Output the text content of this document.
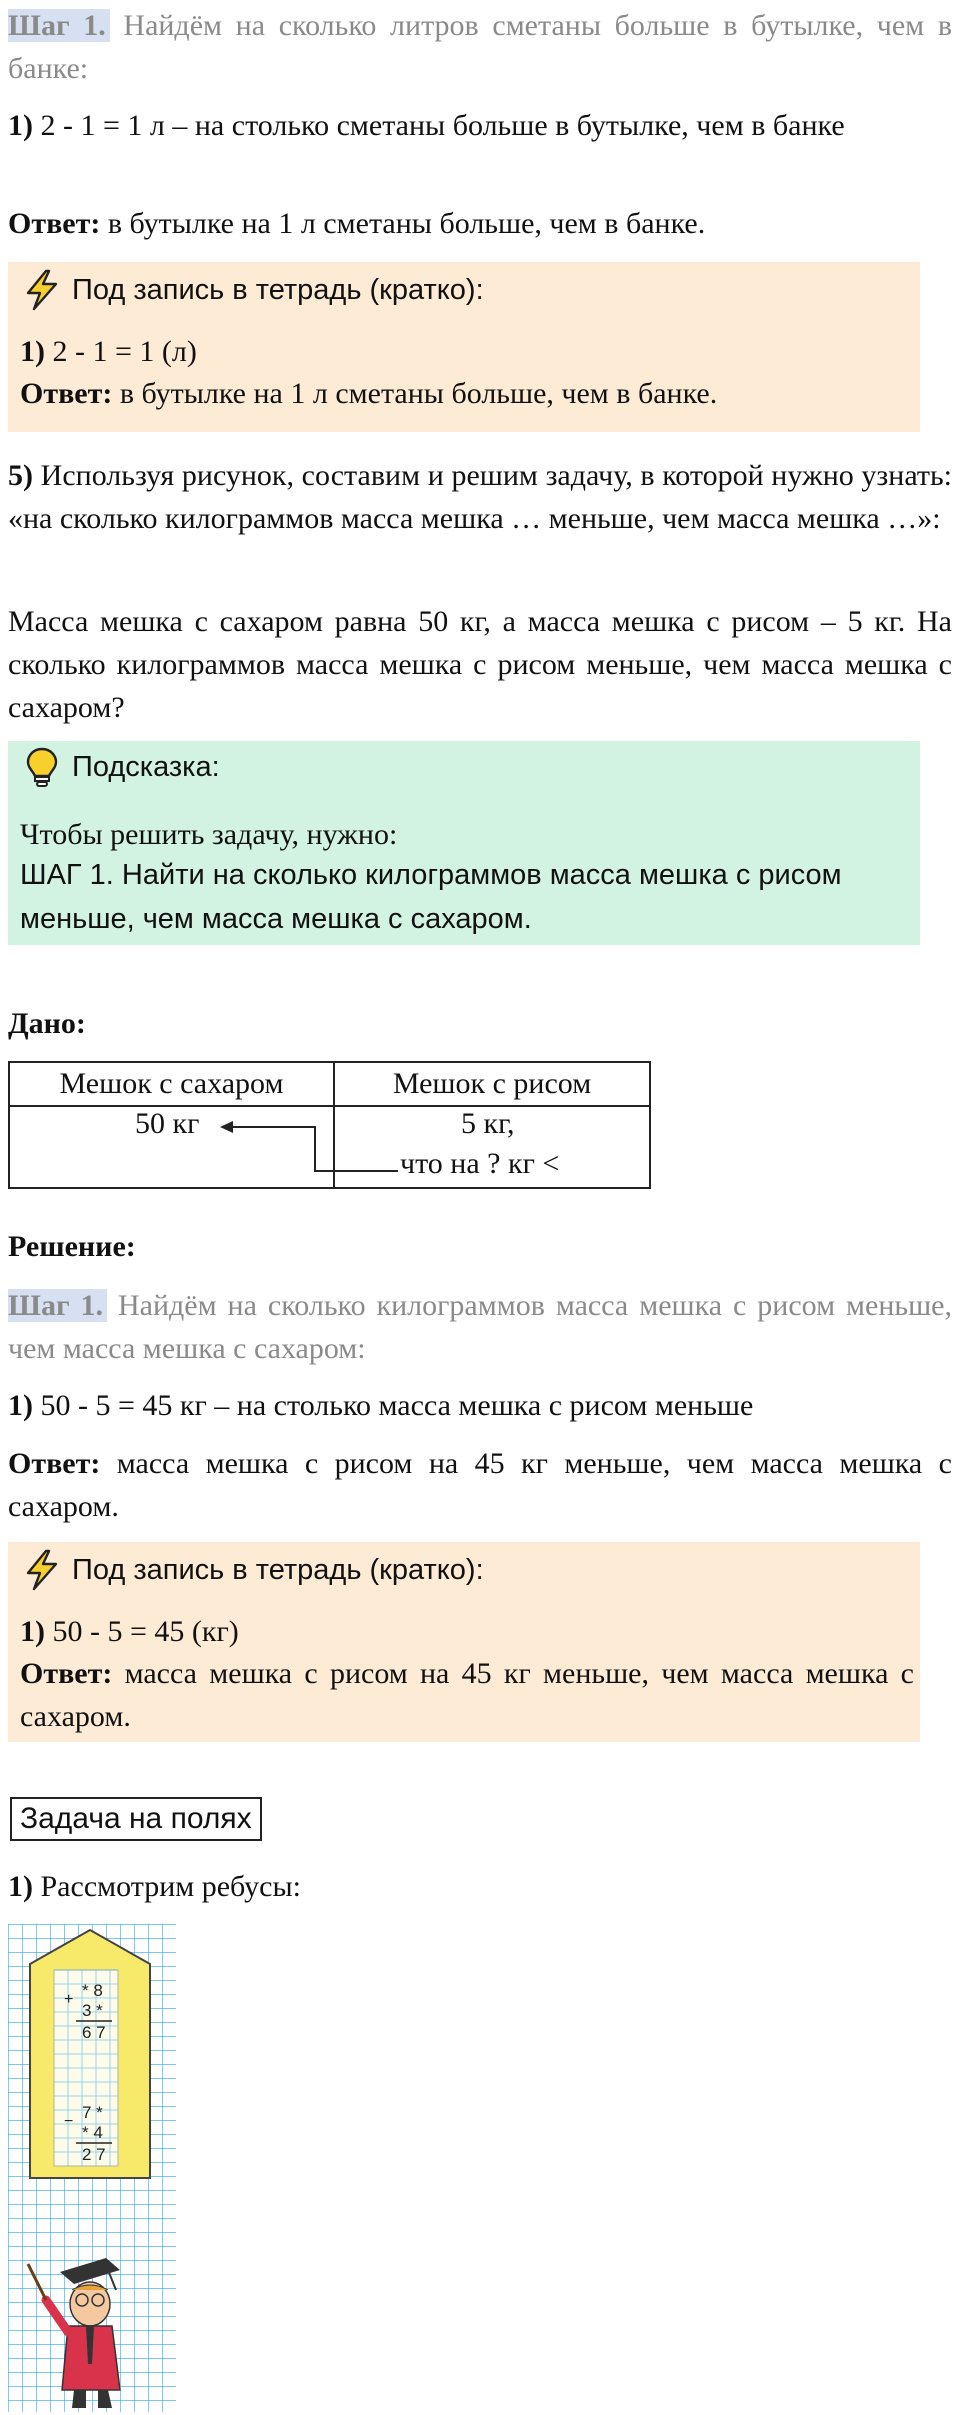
Шаг 1. Найдём на сколько литров сметаны больше в бутылке, чем в банке:
1) 2 - 1 = 1 л – на столько сметаны больше в бутылке, чем в банке
Ответ: в бутылке на 1 л сметаны больше, чем в банке.
Под запись в тетрадь (кратко):
1) 2 - 1 = 1 (л)
Ответ: в бутылке на 1 л сметаны больше, чем в банке.
5) Используя рисунок, составим и решим задачу, в которой нужно узнать: «на сколько килограммов масса мешка … меньше, чем масса мешка …»:
Масса мешка с сахаром равна 50 кг, а масса мешка с рисом – 5 кг. На сколько килограммов масса мешка с рисом меньше, чем масса мешка с сахаром?
Подсказка:
Чтобы решить задачу, нужно:
ШАГ 1. Найти на сколько килограммов масса мешка с рисом меньше, чем масса мешка с сахаром.
Дано:
Мешок с сахаром	Мешок с рисом

50 кг	5 кг,
что на ? кг <
Решение:
Шаг 1. Найдём на сколько килограммов масса мешка с рисом меньше, чем масса мешка с сахаром:
1) 50 - 5 = 45 кг – на столько масса мешка с рисом меньше
Ответ: масса мешка с рисом на 45 кг меньше, чем масса мешка с сахаром.
Под запись в тетрадь (кратко):
1) 50 - 5 = 45 (кг)
Ответ: масса мешка с рисом на 45 кг меньше, чем масса мешка с сахаром.
Задача на полях
1) Рассмотрим ребусы:
+ * 8
3 *
6 7
− 7 *
* 4
2 7
